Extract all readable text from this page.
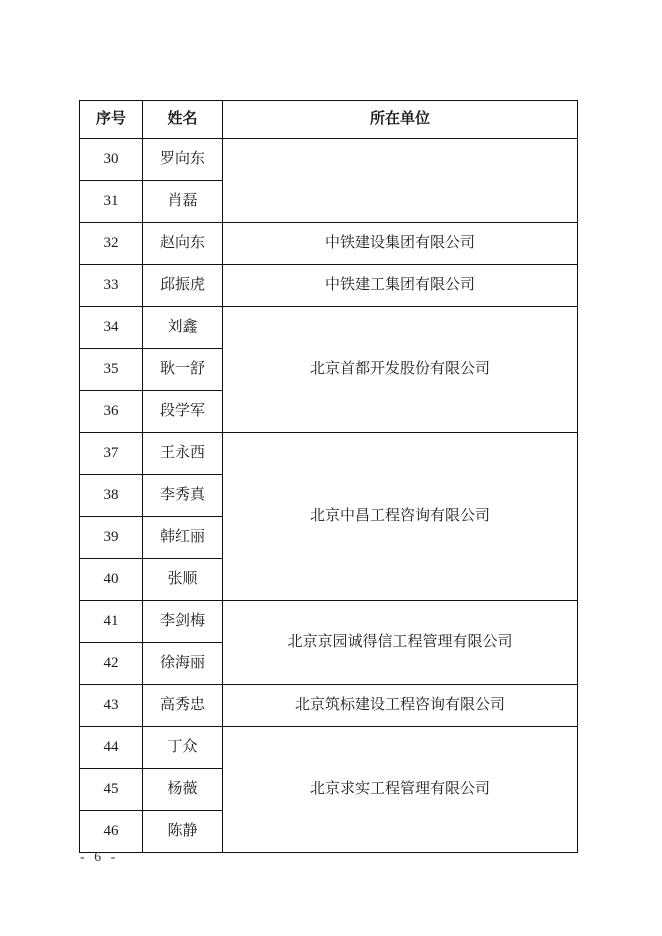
序号	姓名	所在单位
30	罗向东	
31	肖磊	
32	赵向东	中铁建设集团有限公司
33	邱振虎	中铁建工集团有限公司
34	刘鑫	北京首都开发股份有限公司
35	耿一舒	
36	段学军	
37	王永西	北京中昌工程咨询有限公司
38	李秀真	
39	韩红丽	
40	张顺	
41	李剑梅	北京京园诚得信工程管理有限公司
42	徐海丽	
43	高秀忠	北京筑标建设工程咨询有限公司
44	丁众	北京求实工程管理有限公司
45	杨薇	
46	陈静	
- 6 -
